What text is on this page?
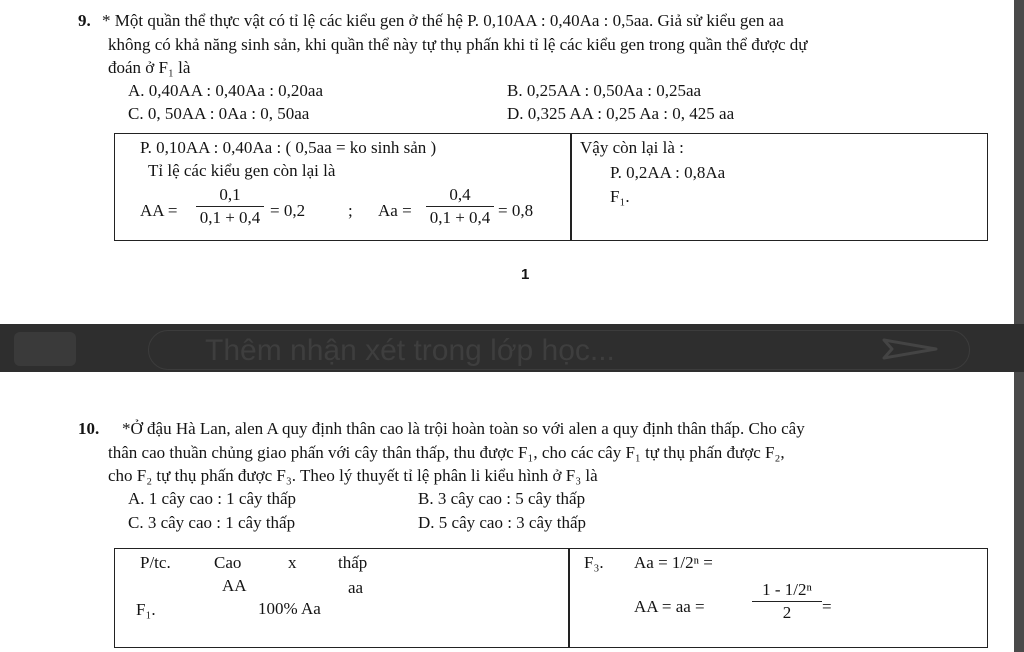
9. * Một quần thể thực vật có tỉ lệ các kiểu gen ở thế hệ P. 0,10AA : 0,40Aa : 0,5aa. Giả sử kiểu gen aa
không có khả năng sinh sản, khi quần thể này tự thụ phấn khi tỉ lệ các kiểu gen trong quần thể được dự
đoán ở F₁ là
A. 0,40AA : 0,40Aa : 0,20aa	B. 0,25AA : 0,50Aa : 0,25aa
C. 0, 50AA : 0Aa : 0, 50aa	D. 0,325 AA : 0,25 Aa : 0, 425 aa
P. 0,10AA : 0,40Aa : ( 0,5aa = ko sinh sản )
Tỉ lệ các kiểu gen còn lại là
AA =
0,1
0,1 + 0,4 = 0,2	; Aa =
0,4
0,1 + 0,4 = 0,8
Vậy còn lại là :
P. 0,2AA : 0,8Aa
F₁.
1
Thêm nhận xét trong lớp học...
10. *Ở đậu Hà Lan, alen A quy định thân cao là trội hoàn toàn so với alen a quy định thân thấp. Cho cây
thân cao thuần chủng giao phấn với cây thân thấp, thu được F₁, cho các cây F₁ tự thụ phấn được F₂,
cho F₂ tự thụ phấn được F₃. Theo lý thuyết tỉ lệ phân li kiểu hình ở F₃ là
A. 1 cây cao : 1 cây thấp	B. 3 cây cao : 5 cây thấp
C. 3 cây cao : 1 cây thấp	D. 5 cây cao : 3 cây thấp
P/tc.	Cao	x thấp
AA	aa
F₁.	100% Aa
F₃. Aa = 1/2ⁿ =
AA = aa =
1 - 1/2ⁿ
2 =
